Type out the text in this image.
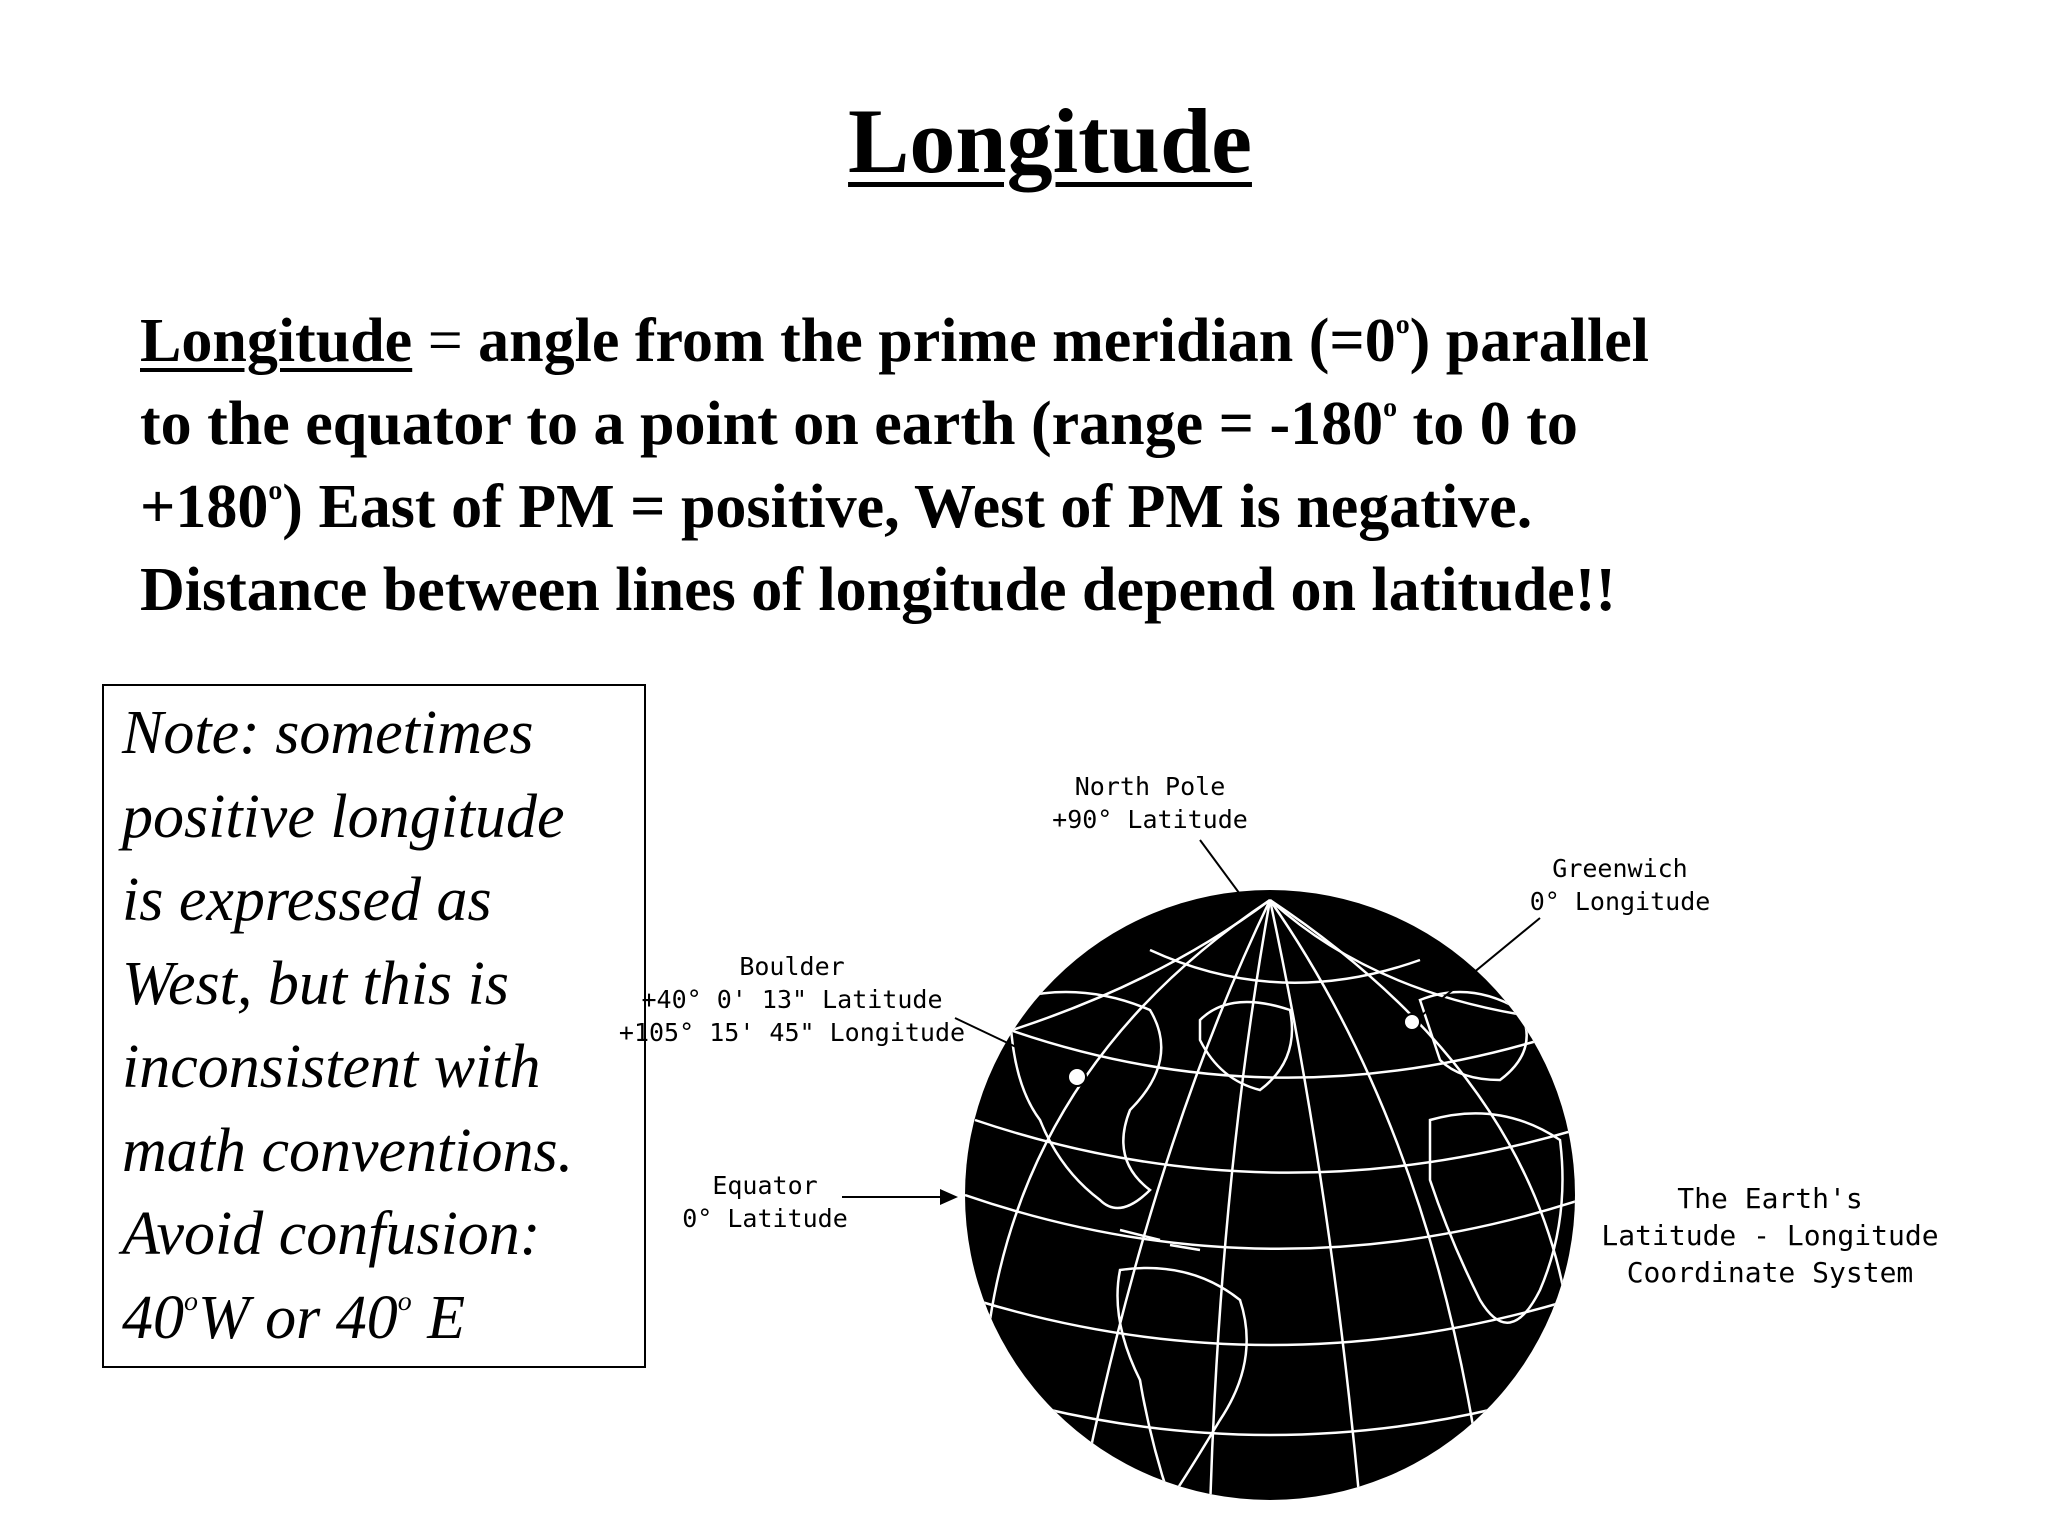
Longitude
Longitude = angle from the prime meridian $(=0^o)$ parallel
to the equator to a point on earth (range = $-180^o$ to 0 to
$+180^o$) East of PM = positive, West of PM is negative.
Distance between lines of longitude depend on latitude!!
Note: sometimes
positive longitude
is expressed as
West, but this is
inconsistent with
math conventions.
Avoid confusion:
40$^o$W or 40$^o$ E
North Pole
+90° Latitude
Greenwich
0° Longitude
Boulder
+40° 0' 13" Latitude
+105° 15' 45" Longitude
Equator
0° Latitude
The Earth's
Latitude - Longitude
Coordinate System
